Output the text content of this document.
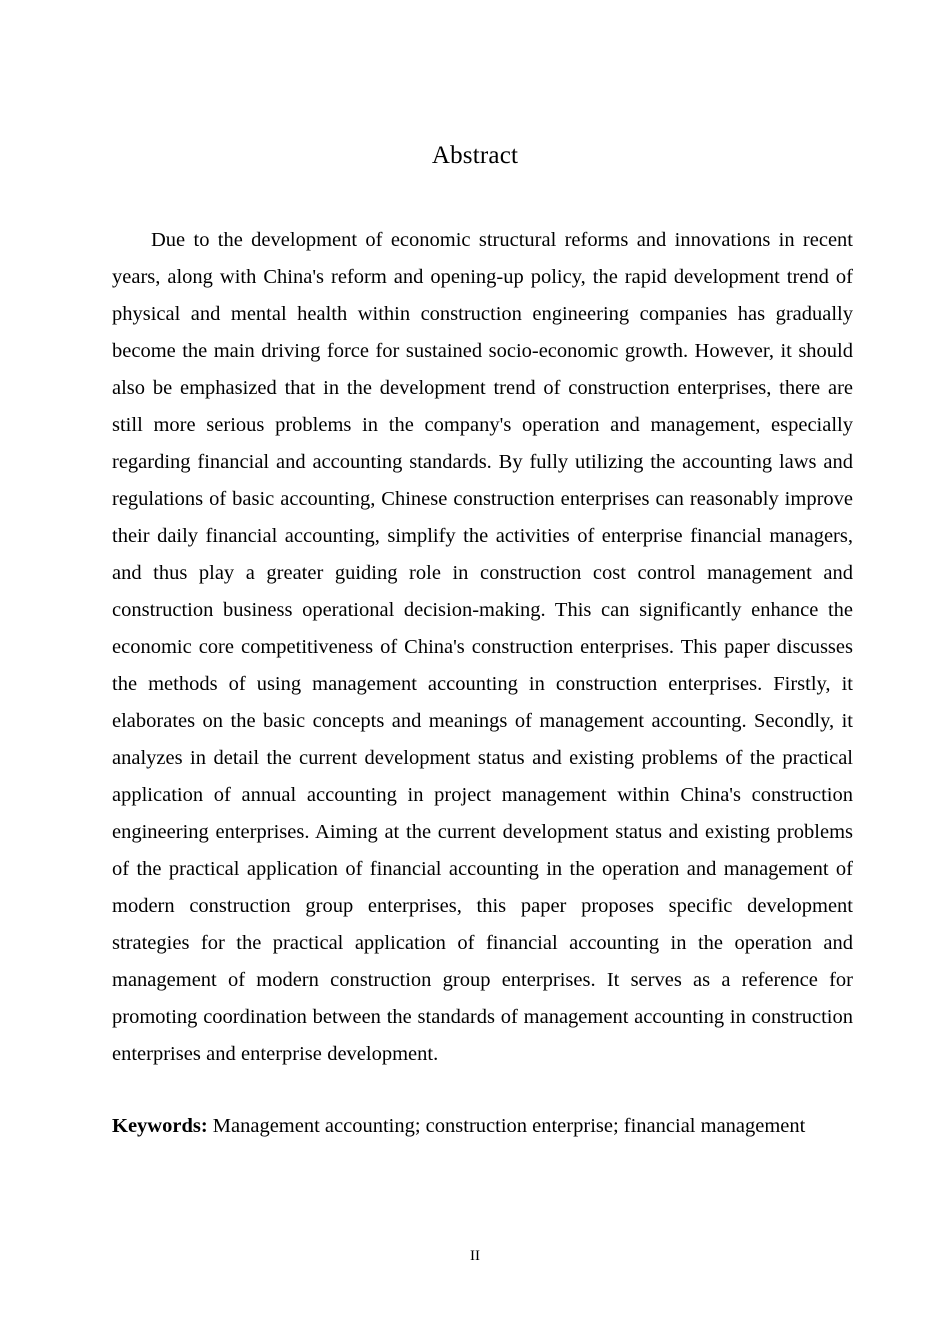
Abstract

Due to the development of economic structural reforms and innovations in recent years, along with China's reform and opening-up policy, the rapid development trend of physical and mental health within construction engineering companies has gradually become the main driving force for sustained socio-economic growth. However, it should also be emphasized that in the development trend of construction enterprises, there are still more serious problems in the company's operation and management, especially regarding financial and accounting standards. By fully utilizing the accounting laws and regulations of basic accounting, Chinese construction enterprises can reasonably improve their daily financial accounting, simplify the activities of enterprise financial managers, and thus play a greater guiding role in construction cost control management and construction business operational decision-making. This can significantly enhance the economic core competitiveness of China's construction enterprises. This paper discusses the methods of using management accounting in construction enterprises. Firstly, it elaborates on the basic concepts and meanings of management accounting. Secondly, it analyzes in detail the current development status and existing problems of the practical application of annual accounting in project management within China's construction engineering enterprises. Aiming at the current development status and existing problems of the practical application of financial accounting in the operation and management of modern construction group enterprises, this paper proposes specific development strategies for the practical application of financial accounting in the operation and management of modern construction group enterprises. It serves as a reference for promoting coordination between the standards of management accounting in construction enterprises and enterprise development.

Keywords: Management accounting; construction enterprise; financial management

II
